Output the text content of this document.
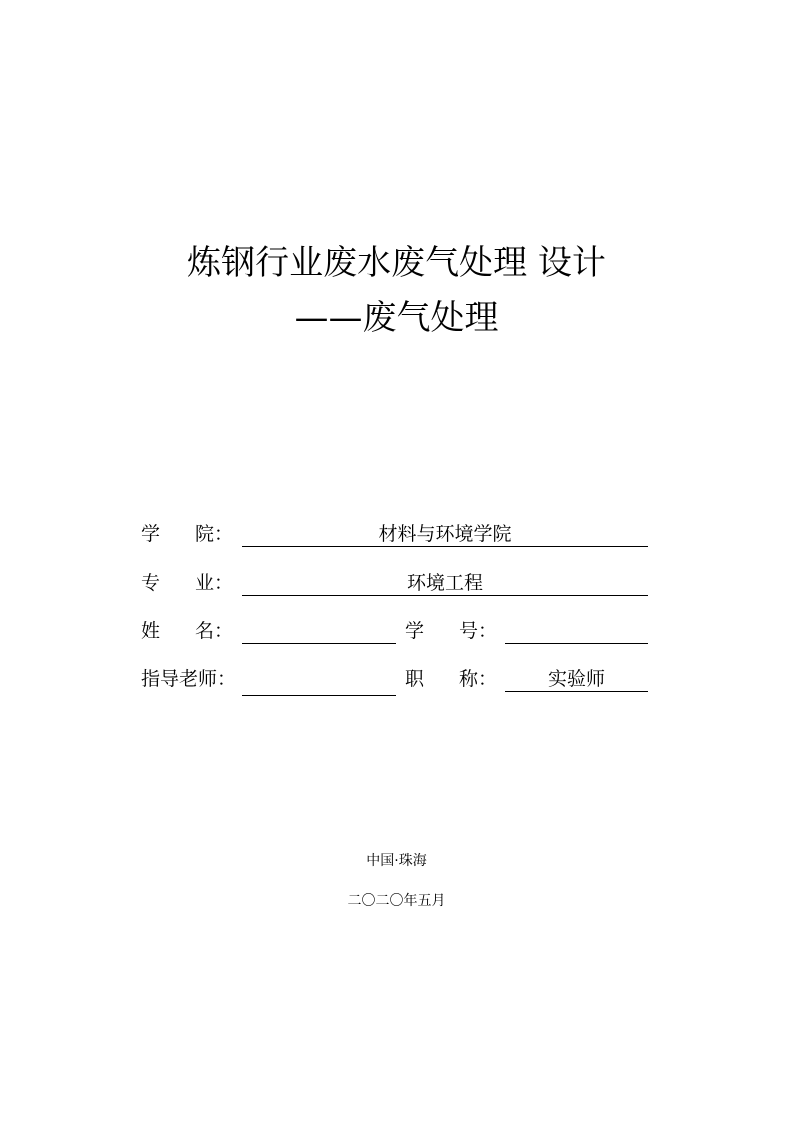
炼钢行业废水废气处理 设计
——废气处理
学 院：	材料与环境学院
专 业：	环境工程
姓 名：	学 号：
指导老师：	职 称：	实验师
中国·珠海
二〇二〇年五月
